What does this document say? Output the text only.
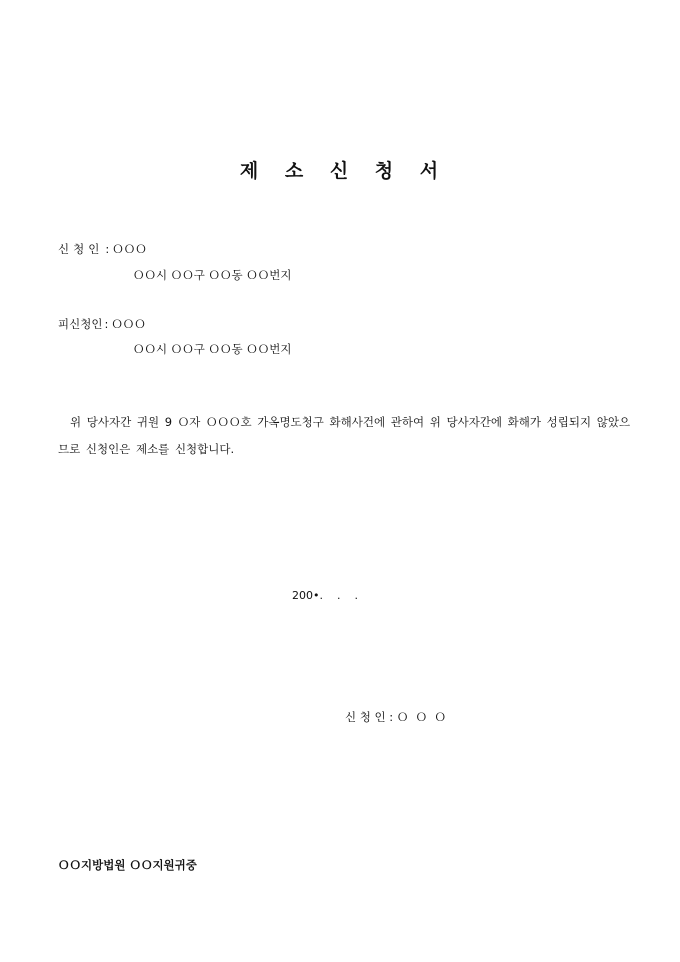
제 소 신 청 서
신청인 : ＯＯＯ
ＯＯ시 ＯＯ구 ＯＯ동 ＯＯ번지
피신청인 : ＯＯＯ
ＯＯ시 ＯＯ구 ＯＯ동 ＯＯ번지
위 당사자간 귀원 9 Ｏ자 ＯＯＯ호 가옥명도청구 화해사건에 관하여 위 당사자간에 화해가 성립되지 않았으므로 신청인은 제소를 신청합니다.
200•.    .    .
신 청 인 : Ｏ  Ｏ  Ｏ
ＯＯ지방법원 ＯＯ지원귀중
